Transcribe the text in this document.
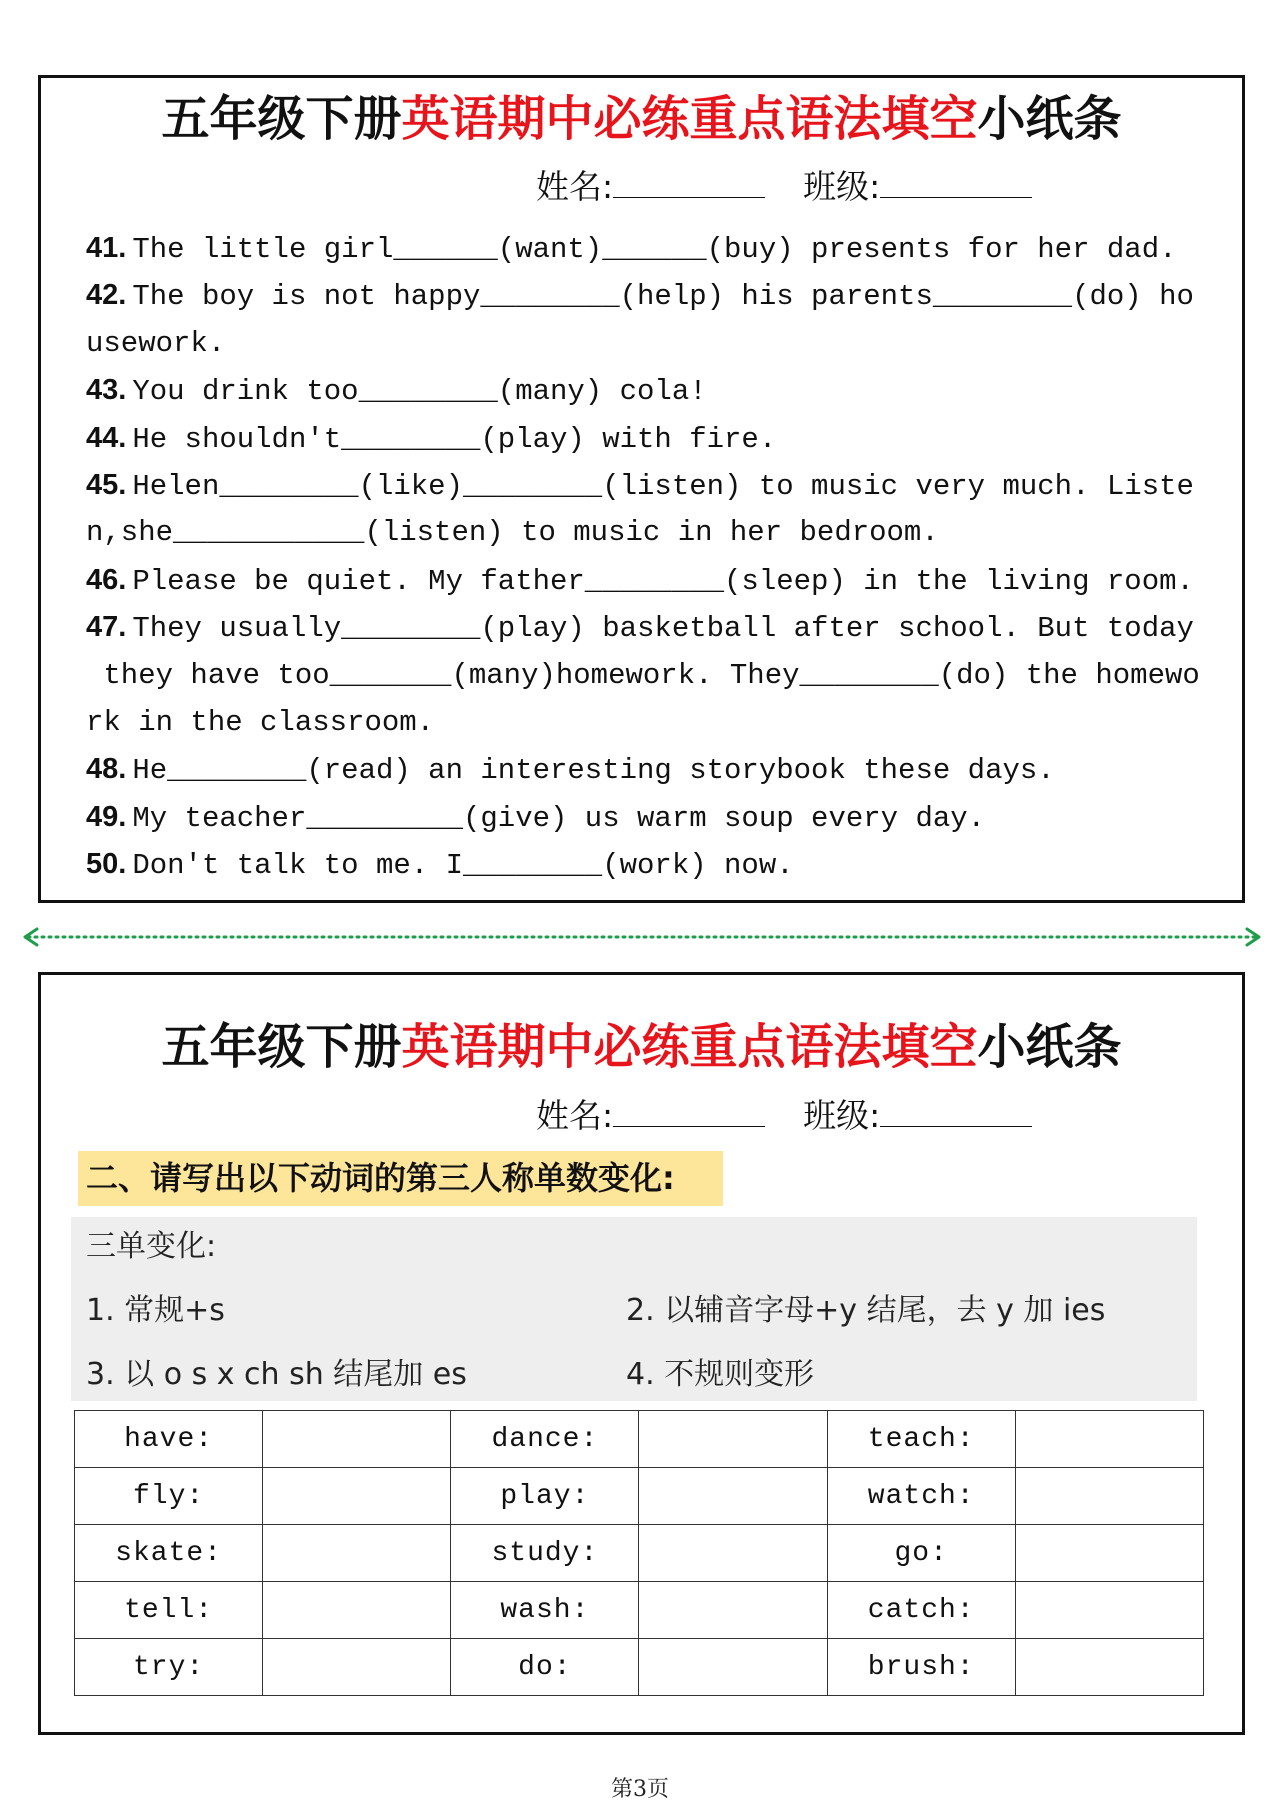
五年级下册英语期中必练重点语法填空小纸条
姓名:	班级:
41. The little girl______(want)______(buy) presents for her dad.
42. The boy is not happy________(help) his parents________(do) ho
usework.
43. You drink too________(many) cola!
44. He shouldn't________(play) with fire.
45. Helen________(like)________(listen) to music very much. Liste
n,she___________(listen) to music in her bedroom.
46. Please be quiet. My father________(sleep) in the living room.
47. They usually________(play) basketball after school. But today
they have too_______(many)homework. They________(do) the homewo
rk in the classroom.
48. He________(read) an interesting storybook these days.
49. My teacher_________(give) us warm soup every day.
50. Don't talk to me. I________(work) now.
五年级下册英语期中必练重点语法填空小纸条
姓名:	班级:
二、请写出以下动词的第三人称单数变化:
三单变化:
1. 常规+s	2. 以辅音字母+y 结尾，去 y 加 ies
3. 以 o s x ch sh 结尾加 es	4. 不规则变形
have:		dance:		teach:	
fly:		play:		watch:	
skate:		study:		go:	
tell:		wash:		catch:	
try:		do:		brush:	
第3页
